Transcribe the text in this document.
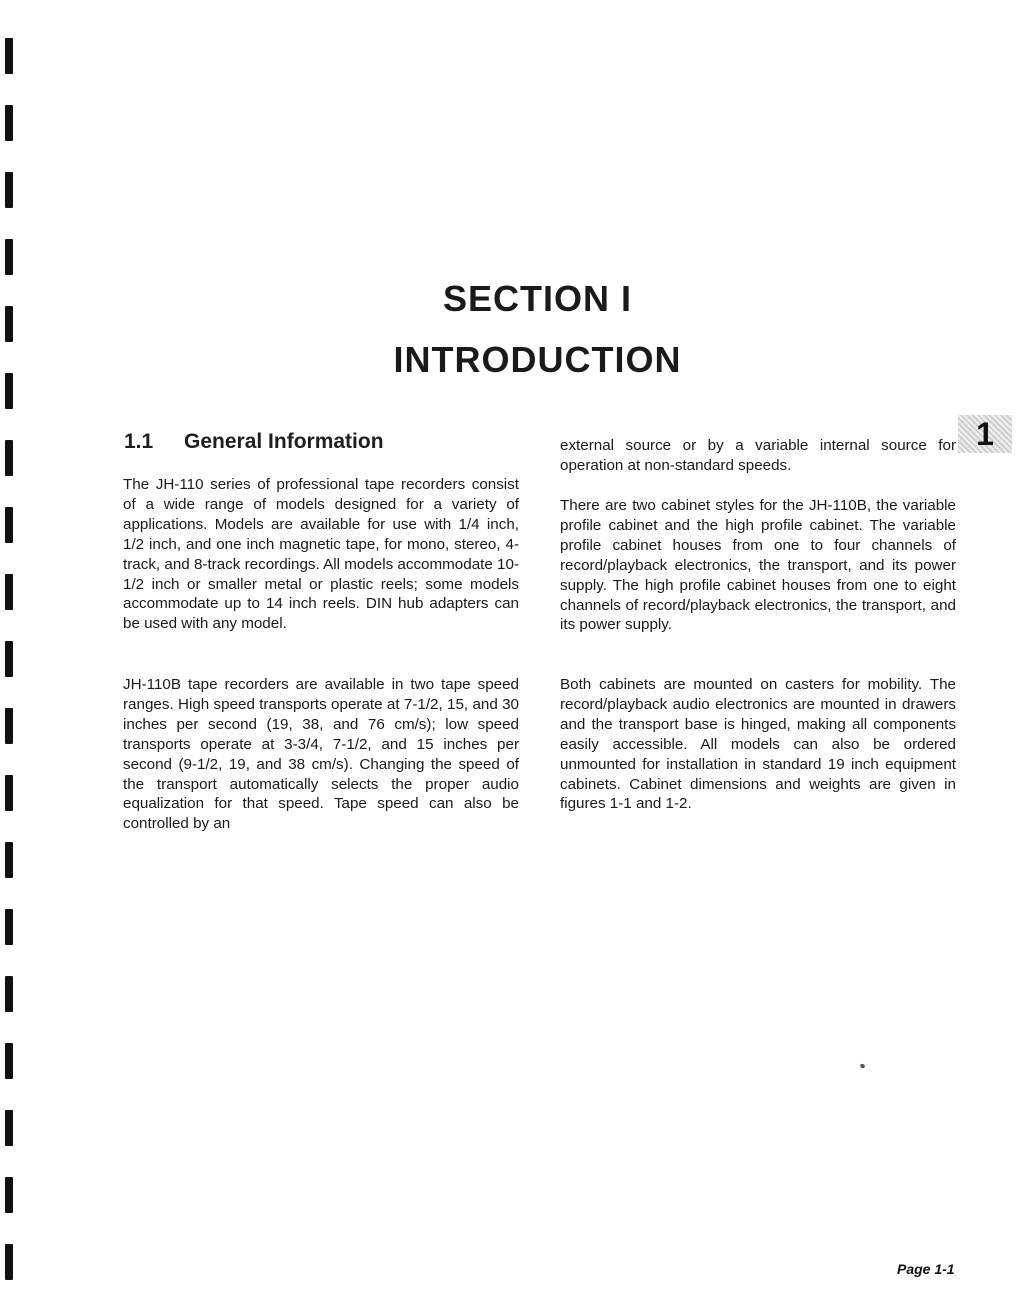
SECTION I
INTRODUCTION
1.1 General Information

The JH-110 series of professional tape recorders consist of a wide range of models designed for a variety of applications. Models are available for use with 1/4 inch, 1/2 inch, and one inch magnetic tape, for mono, stereo, 4-track, and 8-track recordings. All models accommodate 10-1/2 inch or smaller metal or plastic reels; some models accommodate up to 14 inch reels. DIN hub adapters can be used with any model.

JH-110B tape recorders are available in two tape speed ranges. High speed transports operate at 7-1/2, 15, and 30 inches per second (19, 38, and 76 cm/s); low speed transports operate at 3-3/4, 7-1/2, and 15 inches per second (9-1/2, 19, and 38 cm/s). Changing the speed of the transport automatically selects the proper audio equalization for that speed. Tape speed can also be controlled by an

external source or by a variable internal source for operation at non-standard speeds.

There are two cabinet styles for the JH-110B, the variable profile cabinet and the high profile cabinet. The variable profile cabinet houses from one to four channels of record/playback electronics, the transport, and its power supply. The high profile cabinet houses from one to eight channels of record/playback electronics, the transport, and its power supply.

Both cabinets are mounted on casters for mobility. The record/playback audio electronics are mounted in drawers and the transport base is hinged, making all components easily accessible. All models can also be ordered unmounted for installation in standard 19 inch equipment cabinets. Cabinet dimensions and weights are given in figures 1-1 and 1-2.

1
Page 1-1
